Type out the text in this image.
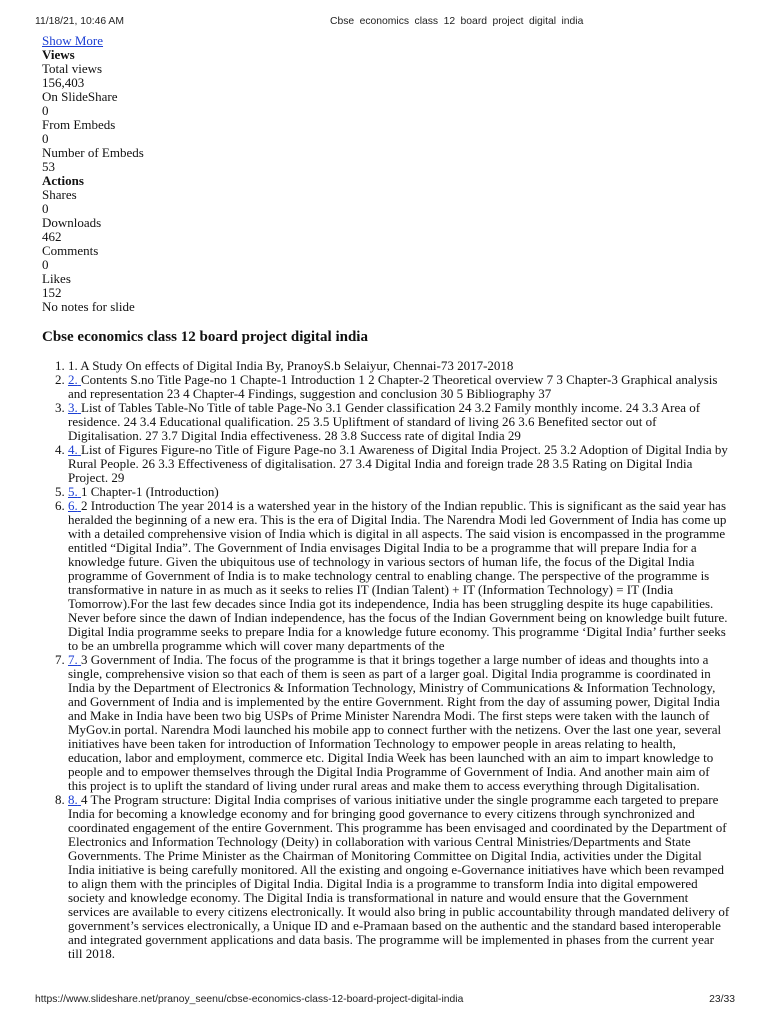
11/18/21, 10:46 AM	Cbse economics class 12 board project digital india
Show More
Views
Total views
156,403
On SlideShare
0
From Embeds
0
Number of Embeds
53
Actions
Shares
0
Downloads
462
Comments
0
Likes
152
No notes for slide
Cbse economics class 12 board project digital india
1. 1. A Study On effects of Digital India By, PranoyS.b Selaiyur, Chennai-73 2017-2018
2. 2. Contents S.no Title Page-no 1 Chapte-1 Introduction 1 2 Chapter-2 Theoretical overview 7 3 Chapter-3 Graphical analysis
and representation 23 4 Chapter-4 Findings, suggestion and conclusion 30 5 Bibliography 37
3. 3. List of Tables Table-No Title of table Page-No 3.1 Gender classification 24 3.2 Family monthly income. 24 3.3 Area of
residence. 24 3.4 Educational qualification. 25 3.5 Upliftment of standard of living 26 3.6 Benefited sector out of
Digitalisation. 27 3.7 Digital India effectiveness. 28 3.8 Success rate of digital India 29
4. 4. List of Figures Figure-no Title of Figure Page-no 3.1 Awareness of Digital India Project. 25 3.2 Adoption of Digital India by
Rural People. 26 3.3 Effectiveness of digitalisation. 27 3.4 Digital India and foreign trade 28 3.5 Rating on Digital India
Project. 29
5. 5. 1 Chapter-1 (Introduction)
6. 6. 2 Introduction The year 2014 is a watershed year in the history of the Indian republic. This is significant as the said year has
heralded the beginning of a new era. This is the era of Digital India. The Narendra Modi led Government of India has come up
with a detailed comprehensive vision of India which is digital in all aspects. The said vision is encompassed in the programme
entitled “Digital India”. The Government of India envisages Digital India to be a programme that will prepare India for a
knowledge future. Given the ubiquitous use of technology in various sectors of human life, the focus of the Digital India
programme of Government of India is to make technology central to enabling change. The perspective of the programme is
transformative in nature in as much as it seeks to relies IT (Indian Talent) + IT (Information Technology) = IT (India
Tomorrow).For the last few decades since India got its independence, India has been struggling despite its huge capabilities.
Never before since the dawn of Indian independence, has the focus of the Indian Government being on knowledge built future.
Digital India programme seeks to prepare India for a knowledge future economy. This programme ‘Digital India’ further seeks
to be an umbrella programme which will cover many departments of the
7. 7. 3 Government of India. The focus of the programme is that it brings together a large number of ideas and thoughts into a
single, comprehensive vision so that each of them is seen as part of a larger goal. Digital India programme is coordinated in
India by the Department of Electronics & Information Technology, Ministry of Communications & Information Technology,
and Government of India and is implemented by the entire Government. Right from the day of assuming power, Digital India
and Make in India have been two big USPs of Prime Minister Narendra Modi. The first steps were taken with the launch of
MyGov.in portal. Narendra Modi launched his mobile app to connect further with the netizens. Over the last one year, several
initiatives have been taken for introduction of Information Technology to empower people in areas relating to health,
education, labor and employment, commerce etc. Digital India Week has been launched with an aim to impart knowledge to
people and to empower themselves through the Digital India Programme of Government of India. And another main aim of
this project is to uplift the standard of living under rural areas and make them to access everything through Digitalisation.
8. 8. 4 The Program structure: Digital India comprises of various initiative under the single programme each targeted to prepare
India for becoming a knowledge economy and for bringing good governance to every citizens through synchronized and
coordinated engagement of the entire Government. This programme has been envisaged and coordinated by the Department of
Electronics and Information Technology (Deity) in collaboration with various Central Ministries/Departments and State
Governments. The Prime Minister as the Chairman of Monitoring Committee on Digital India, activities under the Digital
India initiative is being carefully monitored. All the existing and ongoing e-Governance initiatives have which been revamped
to align them with the principles of Digital India. Digital India is a programme to transform India into digital empowered
society and knowledge economy. The Digital India is transformational in nature and would ensure that the Government
services are available to every citizens electronically. It would also bring in public accountability through mandated delivery of
government’s services electronically, a Unique ID and e-Pramaan based on the authentic and the standard based interoperable
and integrated government applications and data basis. The programme will be implemented in phases from the current year
till 2018.
https://www.slideshare.net/pranoy_seenu/cbse-economics-class-12-board-project-digital-india	23/33
